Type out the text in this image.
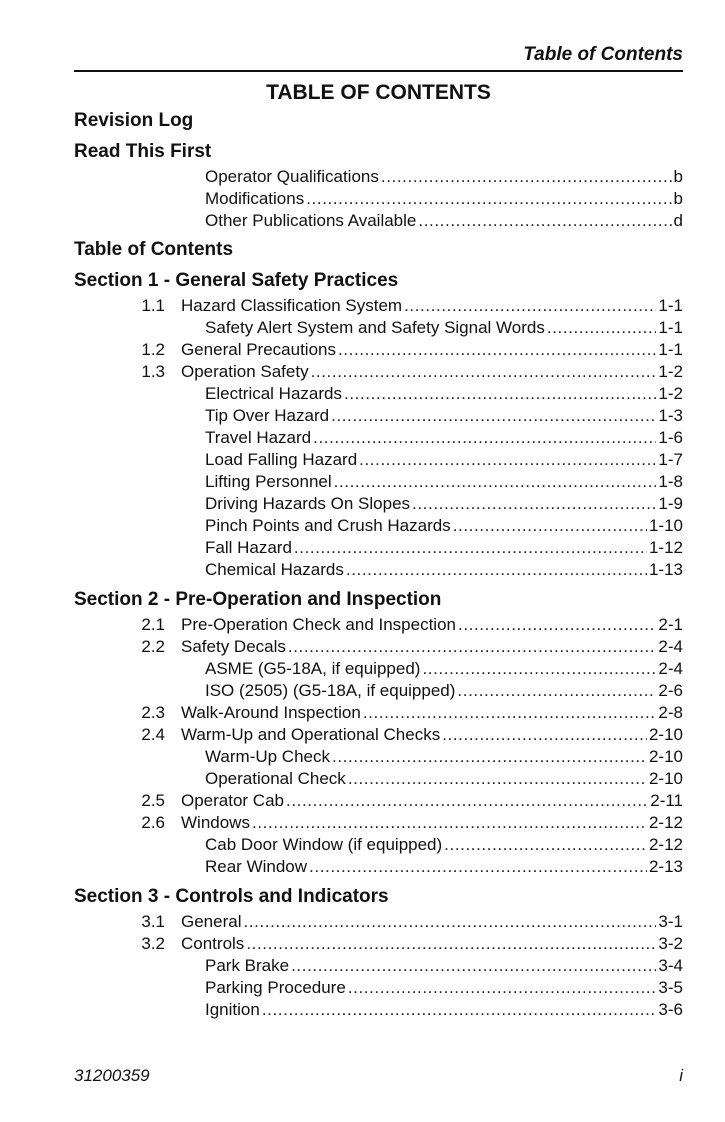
Table of Contents
TABLE OF CONTENTS
Revision Log
Read This First
Operator Qualifications .....	b
Modifications .....	b
Other Publications Available .....	d
Table of Contents
Section 1 - General Safety Practices
1.1 Hazard Classification System .....	1-1
Safety Alert System and Safety Signal Words .....	1-1
1.2 General Precautions .....	1-1
1.3 Operation Safety .....	1-2
Electrical Hazards .....	1-2
Tip Over Hazard .....	1-3
Travel Hazard .....	1-6
Load Falling Hazard .....	1-7
Lifting Personnel .....	1-8
Driving Hazards On Slopes .....	1-9
Pinch Points and Crush Hazards .....	1-10
Fall Hazard .....	1-12
Chemical Hazards .....	1-13
Section 2 - Pre-Operation and Inspection
2.1 Pre-Operation Check and Inspection .....	2-1
2.2 Safety Decals .....	2-4
ASME (G5-18A, if equipped) .....	2-4
ISO (2505) (G5-18A, if equipped) .....	2-6
2.3 Walk-Around Inspection .....	2-8
2.4 Warm-Up and Operational Checks .....	2-10
Warm-Up Check .....	2-10
Operational Check .....	2-10
2.5 Operator Cab .....	2-11
2.6 Windows .....	2-12
Cab Door Window (if equipped) .....	2-12
Rear Window .....	2-13
Section 3 - Controls and Indicators
3.1 General .....	3-1
3.2 Controls .....	3-2
Park Brake .....	3-4
Parking Procedure .....	3-5
Ignition .....	3-6
31200359	i
